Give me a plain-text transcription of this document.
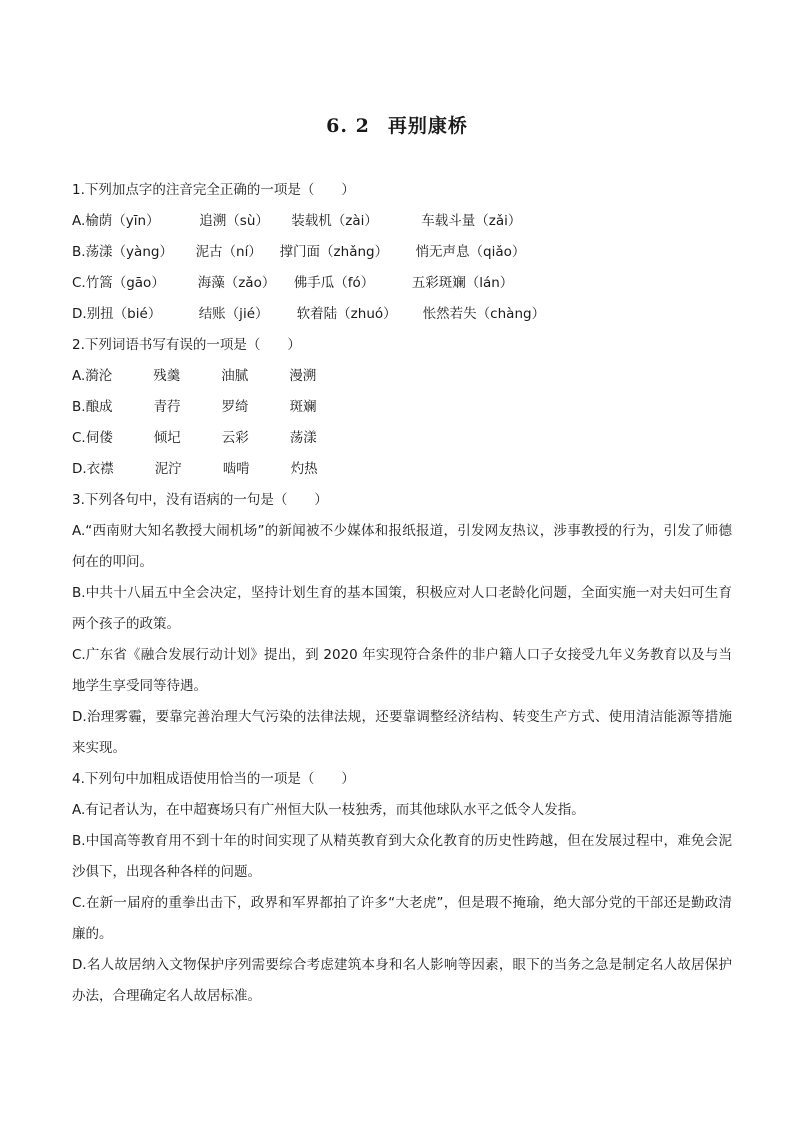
6. 2 再别康桥
1.下列加点字的注音完全正确的一项是（　　）
A.榆荫（yīn）	追溯（sù） 装载机（zài）	车载斗量（zǎi）
B.荡漾（yàng） 泥古（ní） 撑门面（zhǎng） 悄无声息（qiǎo）
C.竹篙（gāo） 海藻（zǎo） 佛手瓜（fó）	五彩斑斓（lán）
D.别扭（bié）	结账（jié） 软着陆（zhuó） 怅然若失（chàng）
2.下列词语书写有误的一项是（　　）
A.漪沦	残羹	油腻	漫溯
B.酿成	青荇	罗绮	斑斓
C.伺偻	倾圮	云彩	荡漾
D.衣襟	泥泞	啮啃	灼热
3.下列各句中，没有语病的一句是（　　）
A.“西南财大知名教授大闹机场”的新闻被不少媒体和报纸报道，引发网友热议，涉事教授的行为，引发了师德何在的叩问。
B.中共十八届五中全会决定，坚持计划生育的基本国策，积极应对人口老龄化问题，全面实施一对夫妇可生育两个孩子的政策。
C.广东省《融合发展行动计划》提出，到 2020 年实现符合条件的非户籍人口子女接受九年义务教育以及与当地学生享受同等待遇。
D.治理雾霾，要靠完善治理大气污染的法律法规，还要靠调整经济结构、转变生产方式、使用清洁能源等措施来实现。
4.下列句中加粗成语使用恰当的一项是（　　）
A.有记者认为，在中超赛场只有广州恒大队一枝独秀，而其他球队水平之低令人发指。
B.中国高等教育用不到十年的时间实现了从精英教育到大众化教育的历史性跨越，但在发展过程中，难免会泥沙俱下，出现各种各样的问题。
C.在新一届府的重拳出击下，政界和军界都拍了许多“大老虎”，但是瑕不掩瑜，绝大部分党的干部还是勤政清廉的。
D.名人故居纳入文物保护序列需要综合考虑建筑本身和名人影响等因素，眼下的当务之急是制定名人故居保护办法，合理确定名人故居标准。
